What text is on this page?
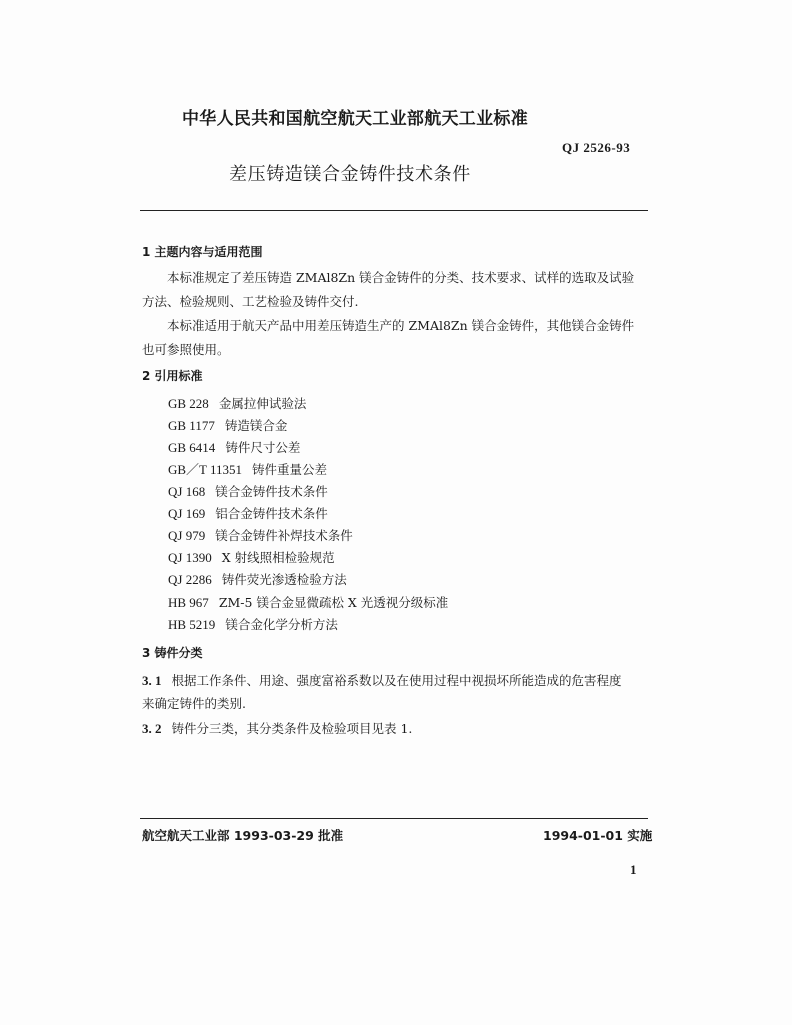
中华人民共和国航空航天工业部航天工业标准
QJ 2526-93
差压铸造镁合金铸件技术条件
1 主题内容与适用范围
本标准规定了差压铸造 ZMAl8Zn 镁合金铸件的分类、技术要求、试样的选取及试验
方法、检验规则、工艺检验及铸件交付.
本标准适用于航天产品中用差压铸造生产的 ZMAl8Zn 镁合金铸件，其他镁合金铸件
也可参照使用。
2 引用标准
GB 228 金属拉伸试验法
GB 1177 铸造镁合金
GB 6414 铸件尺寸公差
GB／T 11351 铸件重量公差
QJ 168 镁合金铸件技术条件
QJ 169 铝合金铸件技术条件
QJ 979 镁合金铸件补焊技术条件
QJ 1390 X 射线照相检验规范
QJ 2286 铸件荧光渗透检验方法
HB 967 ZM-5 镁合金显微疏松 X 光透视分级标准
HB 5219 镁合金化学分析方法
3 铸件分类
3. 1 根据工作条件、用途、强度富裕系数以及在使用过程中视损坏所能造成的危害程度
来确定铸件的类别.
3. 2 铸件分三类，其分类条件及检验项目见表 1.
航空航天工业部 1993-03-29 批准	1994-01-01 实施
1
